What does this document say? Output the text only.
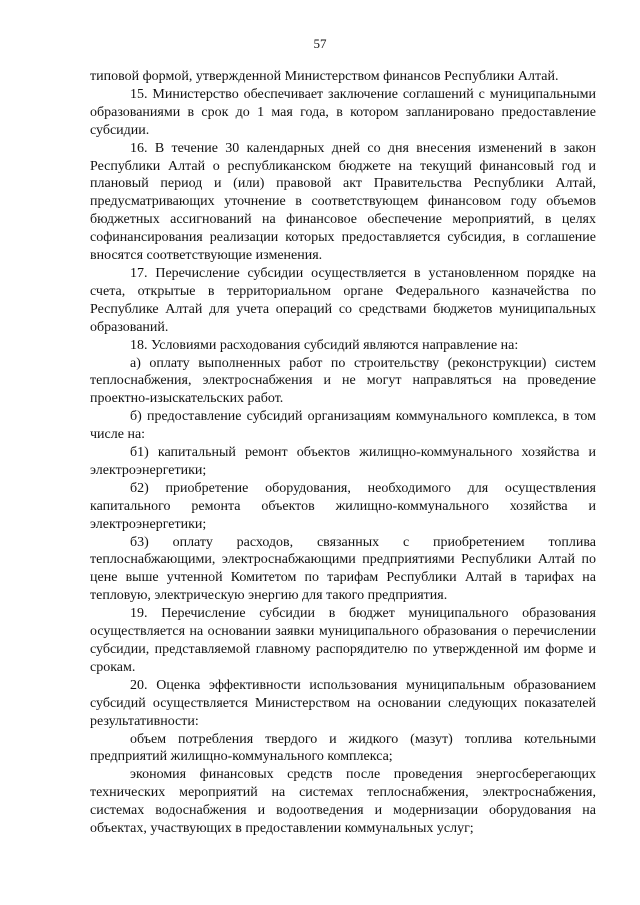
57

типовой формой, утвержденной Министерством финансов Республики Алтай.

15. Министерство обеспечивает заключение соглашений с муниципальными образованиями в срок до 1 мая года, в котором запланировано предоставление субсидии.

16. В течение 30 календарных дней со дня внесения изменений в закон Республики Алтай о республиканском бюджете на текущий финансовый год и плановый период и (или) правовой акт Правительства Республики Алтай, предусматривающих уточнение в соответствующем финансовом году объемов бюджетных ассигнований на финансовое обеспечение мероприятий, в целях софинансирования реализации которых предоставляется субсидия, в соглашение вносятся соответствующие изменения.

17. Перечисление субсидии осуществляется в установленном порядке на счета, открытые в территориальном органе Федерального казначейства по Республике Алтай для учета операций со средствами бюджетов муниципальных образований.

18. Условиями расходования субсидий являются направление на:

а) оплату выполненных работ по строительству (реконструкции) систем теплоснабжения, электроснабжения и не могут направляться на проведение проектно-изыскательских работ.

б) предоставление субсидий организациям коммунального комплекса, в том числе на:

б1) капитальный ремонт объектов жилищно-коммунального хозяйства и электроэнергетики;

б2) приобретение оборудования, необходимого для осуществления капитального ремонта объектов жилищно-коммунального хозяйства и электроэнергетики;

б3) оплату расходов, связанных с приобретением топлива теплоснабжающими, электроснабжающими предприятиями Республики Алтай по цене выше учтенной Комитетом по тарифам Республики Алтай в тарифах на тепловую, электрическую энергию для такого предприятия.

19. Перечисление субсидии в бюджет муниципального образования осуществляется на основании заявки муниципального образования о перечислении субсидии, представляемой главному распорядителю по утвержденной им форме и срокам.

20. Оценка эффективности использования муниципальным образованием субсидий осуществляется Министерством на основании следующих показателей результативности:

объем потребления твердого и жидкого (мазут) топлива котельными предприятий жилищно-коммунального комплекса;

экономия финансовых средств после проведения энергосберегающих технических мероприятий на системах теплоснабжения, электроснабжения, системах водоснабжения и водоотведения и модернизации оборудования на объектах, участвующих в предоставлении коммунальных услуг;
